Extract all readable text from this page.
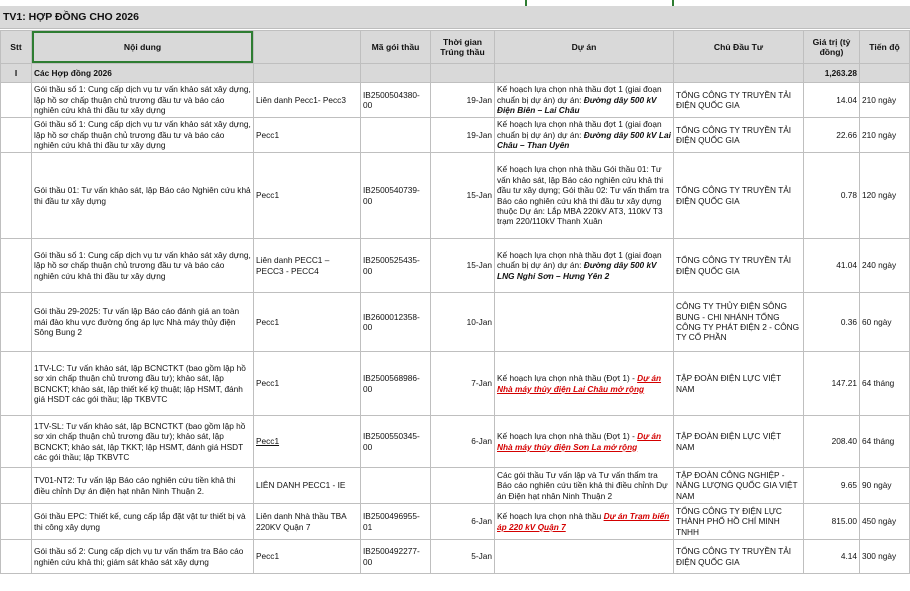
TV1: HỢP ĐỒNG CHO 2026
Stt	Nội dung		Mã gói thầu	Thời gian Trúng thầu	Dự án	Chủ Đầu Tư	Giá trị (tỷ đồng)	Tiến độ
I	Các Hợp đồng 2026						1,263.28	
	Gói thầu số 1: Cung cấp dịch vụ tư vấn khảo sát xây dựng, lập hồ sơ chấp thuận chủ trương đầu tư và báo cáo nghiên cứu khả thi đầu tư xây dựng	Liên danh Pecc1- Pecc3	IB2500504380-00	19-Jan	Kế hoạch lựa chọn nhà thầu đợt 1 (giai đoạn chuẩn bị dự án) dự án: Đường dây 500 kV Điện Biên – Lai Châu	TỔNG CÔNG TY TRUYỀN TẢI ĐIỆN QUỐC GIA	14.04	210 ngày
	Gói thầu số 1: Cung cấp dịch vụ tư vấn khảo sát xây dựng, lập hồ sơ chấp thuận chủ trương đầu tư và báo cáo nghiên cứu khả thi đầu tư xây dựng	Pecc1		19-Jan	Kế hoạch lựa chọn nhà thầu đợt 1 (giai đoạn chuẩn bị dự án) dự án: Đường dây 500 kV Lai Châu – Than Uyên	TỔNG CÔNG TY TRUYỀN TẢI ĐIỆN QUỐC GIA	22.66	210 ngày
	Gói thầu 01: Tư vấn khảo sát, lập Báo cáo Nghiên cứu khả thi đầu tư xây dựng	Pecc1	IB2500540739-00	15-Jan	Kế hoạch lựa chọn nhà thầu Gói thầu 01: Tư vấn khảo sát, lập Báo cáo nghiên cứu khả thi đầu tư xây dựng; Gói thầu 02: Tư vấn thẩm tra Báo cáo nghiên cứu khả thi đầu tư xây dựng thuộc Dự án: Lắp MBA 220kV AT3, 110kV T3 trạm 220/110kV Thanh Xuân	TỔNG CÔNG TY TRUYỀN TẢI ĐIỆN QUỐC GIA	0.78	120 ngày
	Gói thầu số 1: Cung cấp dịch vụ tư vấn khảo sát xây dựng, lập hồ sơ chấp thuận chủ trương đầu tư và báo cáo nghiên cứu khả thi đầu tư xây dựng	Liên danh PECC1 – PECC3 - PECC4	IB2500525435-00	15-Jan	Kế hoạch lựa chọn nhà thầu đợt 1 (giai đoạn chuẩn bị dự án) dự án: Đường dây 500 kV LNG Nghi Sơn – Hưng Yên 2	TỔNG CÔNG TY TRUYỀN TẢI ĐIỆN QUỐC GIA	41.04	240 ngày
	Gói thầu 29-2025: Tư vấn lập Báo cáo đánh giá an toàn mái đào khu vực đường ống áp lực Nhà máy thủy điện Sông Bung 2	Pecc1	IB2600012358-00	10-Jan		CÔNG TY THỦY ĐIỆN SÔNG BUNG - CHI NHÁNH TỔNG CÔNG TY PHÁT ĐIỆN 2 - CÔNG TY CỔ PHẦN	0.36	60 ngày
	1TV-LC: Tư vấn khảo sát, lập BCNCTKT (bao gồm lập hồ sơ xin chấp thuận chủ trương đầu tư); khảo sát, lập BCNCKT; khảo sát, lập thiết kế kỹ thuật; lập HSMT, đánh giá HSDT các gói thầu; lập TKBVTC	Pecc1	IB2500568986-00	7-Jan	Kế hoạch lựa chọn nhà thầu (Đợt 1) - Dự án Nhà máy thủy điện Lai Châu mở rộng	TẬP ĐOÀN ĐIỆN LỰC VIỆT NAM	147.21	64 tháng
	1TV-SL: Tư vấn khảo sát, lập BCNCTKT (bao gồm lập hồ sơ xin chấp thuận chủ trương đầu tư); khảo sát, lập BCNCKT; khảo sát, lập TKKT; lập HSMT, đánh giá HSDT các gói thầu; lập TKBVTC	Pecc1	IB2500550345-00	6-Jan	Kế hoạch lựa chọn nhà thầu (Đợt 1) - Dự án Nhà máy thủy điện Sơn La mở rộng	TẬP ĐOÀN ĐIỆN LỰC VIỆT NAM	208.40	64 tháng
	TV01-NT2: Tư vấn lập Báo cáo nghiên cứu tiền khả thi điều chỉnh Dự án điện hạt nhân Ninh Thuận 2.	LIÊN DANH PECC1 - IE			Các gói thầu Tư vấn lập và Tư vấn thẩm tra Báo cáo nghiên cứu tiền khả thi điều chỉnh Dự án Điện hạt nhân Ninh Thuận 2	TẬP ĐOÀN CÔNG NGHIỆP - NĂNG LƯỢNG QUỐC GIA VIỆT NAM	9.65	90 ngày
	Gói thầu EPC: Thiết kế, cung cấp lắp đặt vật tư thiết bị và thi công xây dựng	Liên danh Nhà thầu TBA 220KV Quận 7	IB2500496955-01	6-Jan	Kế hoạch lựa chọn nhà thầu Dự án Trạm biến áp 220 kV Quận 7	TỔNG CÔNG TY ĐIỆN LỰC THÀNH PHỐ HỒ CHÍ MINH TNHH	815.00	450 ngày
	Gói thầu số 2: Cung cấp dịch vụ tư vấn thẩm tra Báo cáo nghiên cứu khả thi; giám sát khảo sát xây dựng	Pecc1	IB2500492277-00	5-Jan		TỔNG CÔNG TY TRUYỀN TẢI ĐIỆN QUỐC GIA	4.14	300 ngày
